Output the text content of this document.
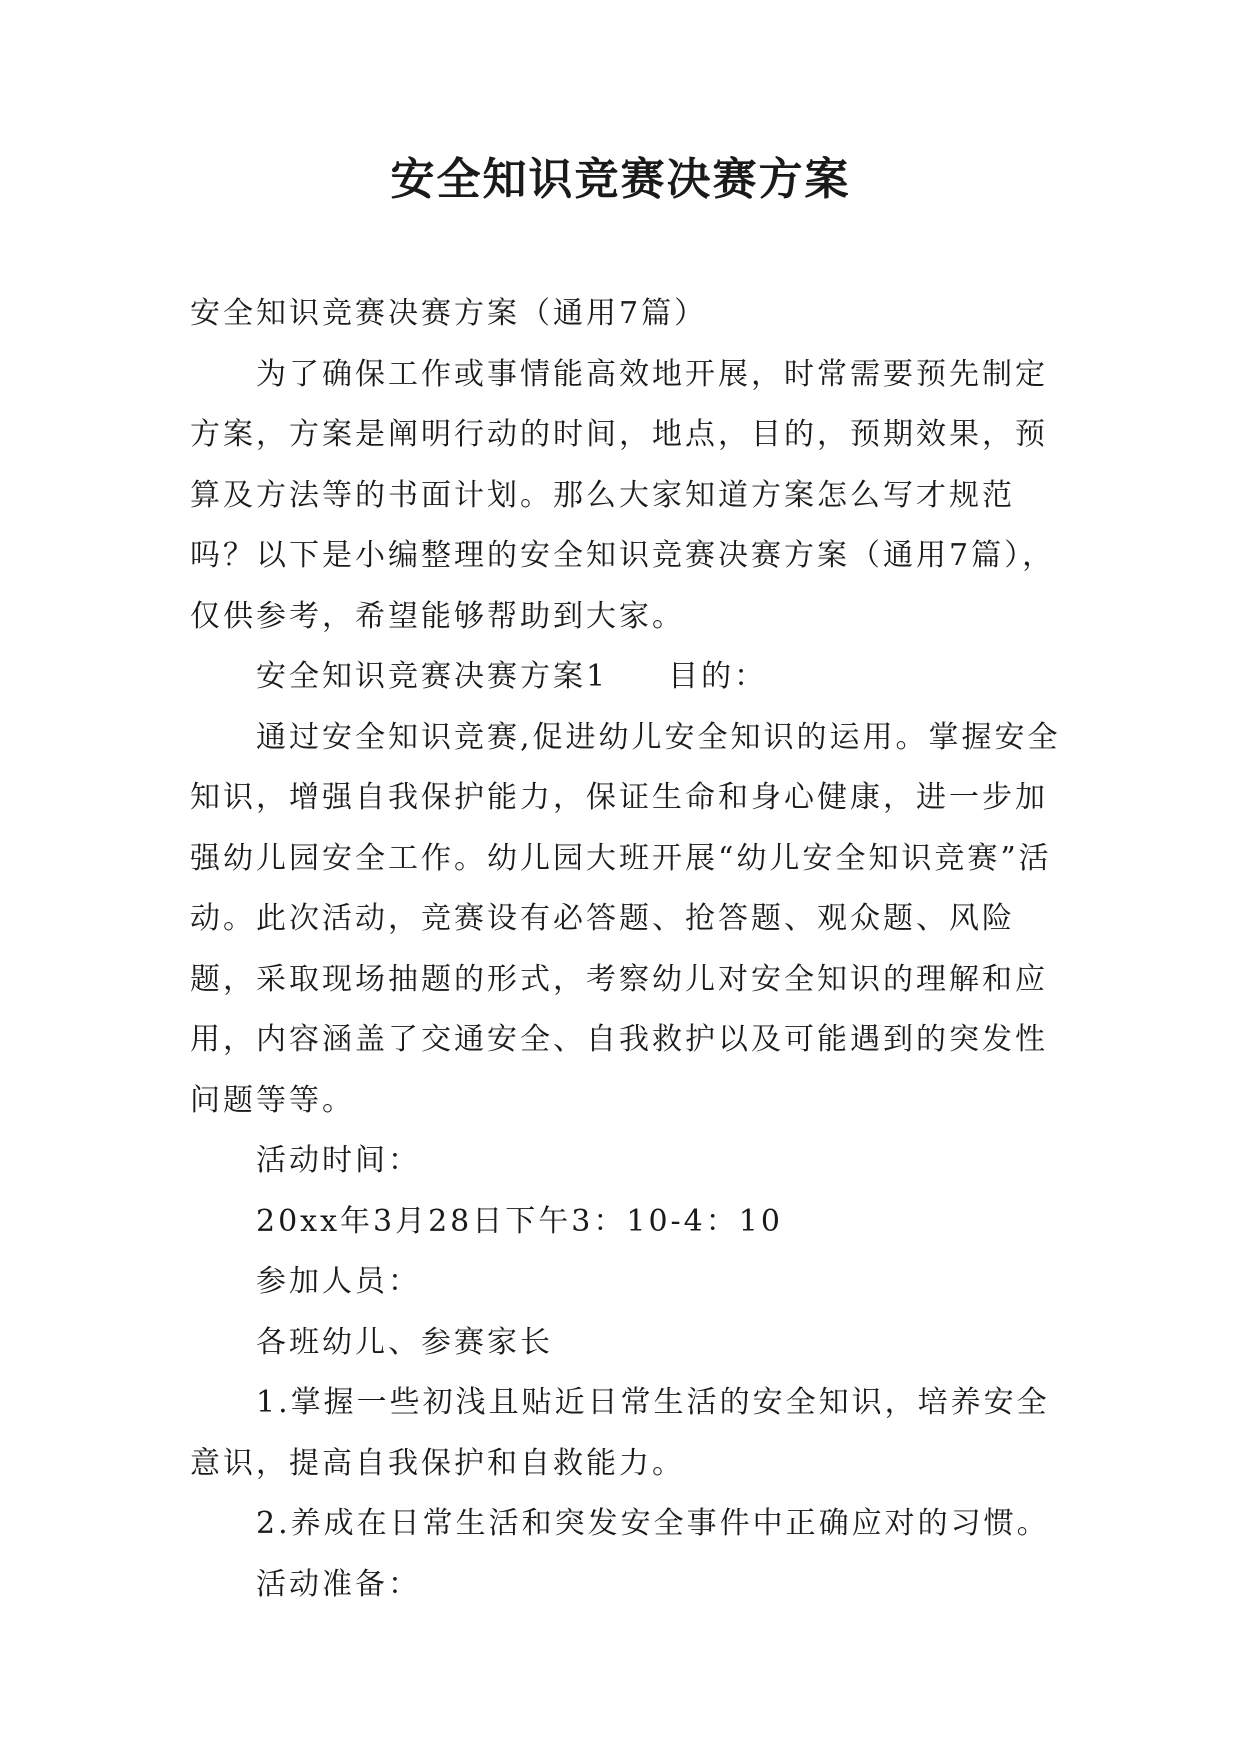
安全知识竞赛决赛方案

安全知识竞赛决赛方案（通用7篇）

为了确保工作或事情能高效地开展，时常需要预先制定方案，方案是阐明行动的时间，地点，目的，预期效果，预算及方法等的书面计划。那么大家知道方案怎么写才规范吗？以下是小编整理的安全知识竞赛决赛方案（通用7篇），仅供参考，希望能够帮助到大家。

安全知识竞赛决赛方案1 目的：

通过安全知识竞赛,促进幼儿安全知识的运用。掌握安全知识，增强自我保护能力，保证生命和身心健康，进一步加强幼儿园安全工作。幼儿园大班开展“幼儿安全知识竞赛”活动。此次活动，竞赛设有必答题、抢答题、观众题、风险题，采取现场抽题的形式，考察幼儿对安全知识的理解和应用，内容涵盖了交通安全、自我救护以及可能遇到的突发性问题等等。

活动时间：

20xx年3月28日下午3：10-4：10

参加人员：

各班幼儿、参赛家长

1.掌握一些初浅且贴近日常生活的安全知识，培养安全意识，提高自我保护和自救能力。

2.养成在日常生活和突发安全事件中正确应对的习惯。

活动准备：
